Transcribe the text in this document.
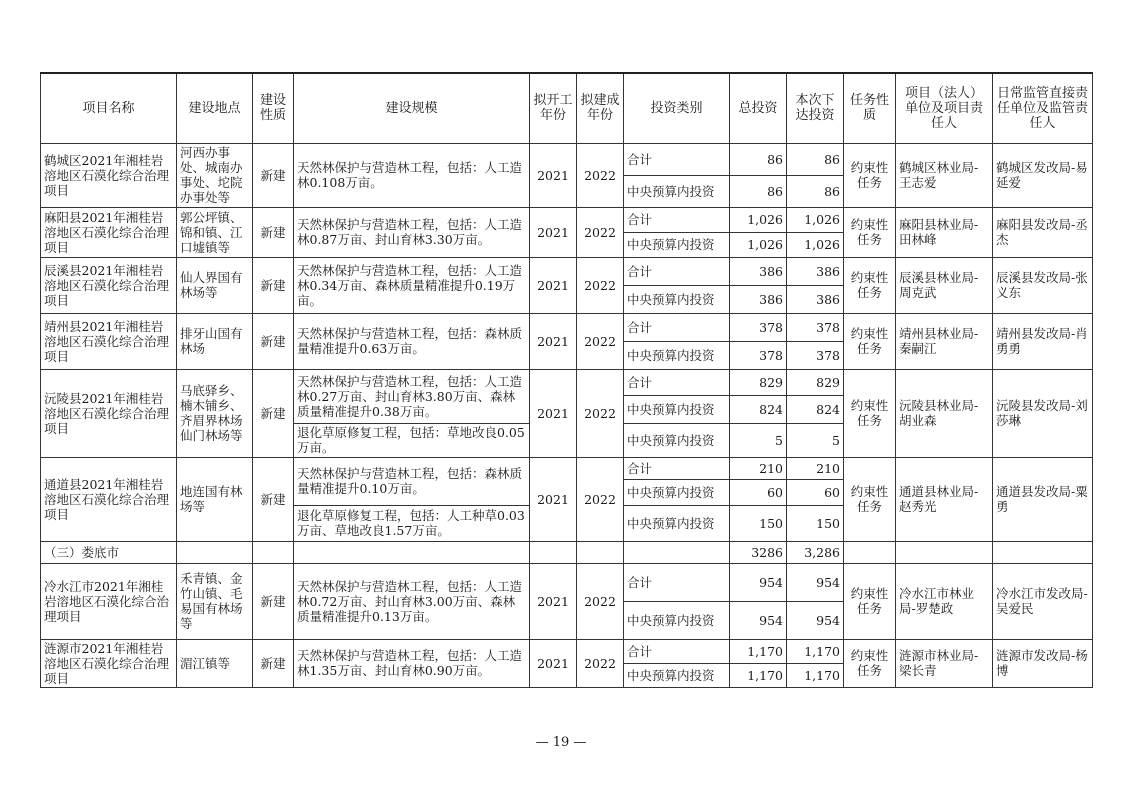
项目名称	建设地点	建设性质	建设规模	拟开工年份	拟建成年份	投资类别	总投资	本次下达投资	任务性质	项目（法人）单位及项目责任人	日常监管直接责任单位及监管责任人
鹤城区2021年湘桂岩溶地区石漠化综合治理项目	河西办事处、城南办事处、坨院办事处等	新建	天然林保护与营造林工程，包括：人工造林0.108万亩。	2021	2022	合计	86	86	约束性任务	鹤城区林业局-王志爱	鹤城区发改局-易延爱
						中央预算内投资	86	86			
麻阳县2021年湘桂岩溶地区石漠化综合治理项目	郭公坪镇、锦和镇、江口墟镇等	新建	天然林保护与营造林工程，包括：人工造林0.87万亩、封山育林3.30万亩。	2021	2022	合计	1,026	1,026	约束性任务	麻阳县林业局-田林峰	麻阳县发改局-丞杰
						中央预算内投资	1,026	1,026			
辰溪县2021年湘桂岩溶地区石漠化综合治理项目	仙人界国有林场等	新建	天然林保护与营造林工程，包括：人工造林0.34万亩、森林质量精准提升0.19万亩。	2021	2022	合计	386	386	约束性任务	辰溪县林业局-周克武	辰溪县发改局-张义东
						中央预算内投资	386	386			
靖州县2021年湘桂岩溶地区石漠化综合治理项目	排牙山国有林场	新建	天然林保护与营造林工程，包括：森林质量精准提升0.63万亩。	2021	2022	合计	378	378	约束性任务	靖州县林业局-秦嗣江	靖州县发改局-肖勇勇
						中央预算内投资	378	378			
沅陵县2021年湘桂岩溶地区石漠化综合治理项目	马底驿乡、楠木铺乡、齐眉界林场仙门林场等	新建	天然林保护与营造林工程，包括：人工造林0.27万亩、封山育林3.80万亩、森林质量精准提升0.38万亩。	2021	2022	合计	829	829	约束性任务	沅陵县林业局-胡业森	沅陵县发改局-刘莎琳
						中央预算内投资	824	824			
			退化草原修复工程，包括：草地改良0.05万亩。			中央预算内投资	5	5			
通道县2021年湘桂岩溶地区石漠化综合治理项目	地连国有林场等	新建	天然林保护与营造林工程，包括：森林质量精准提升0.10万亩。	2021	2022	合计	210	210	约束性任务	通道县林业局-赵秀光	通道县发改局-粟勇
						中央预算内投资	60	60			
			退化草原修复工程，包括：人工种草0.03万亩、草地改良1.57万亩。			中央预算内投资	150	150			
（三）娄底市							3286	3,286			
冷水江市2021年湘桂岩溶地区石漠化综合治理项目	禾青镇、金竹山镇、毛易国有林场等	新建	天然林保护与营造林工程，包括：人工造林0.72万亩、封山育林3.00万亩、森林质量精准提升0.13万亩。	2021	2022	合计	954	954	约束性任务	冷水江市林业局-罗楚政	冷水江市发改局-吴爱民
						中央预算内投资	954	954			
涟源市2021年湘桂岩溶地区石漠化综合治理项目	湄江镇等	新建	天然林保护与营造林工程，包括：人工造林1.35万亩、封山育林0.90万亩。	2021	2022	合计	1,170	1,170	约束性任务	涟源市林业局-梁长青	涟源市发改局-杨博
						中央预算内投资	1,170	1,170			
— 19 —
